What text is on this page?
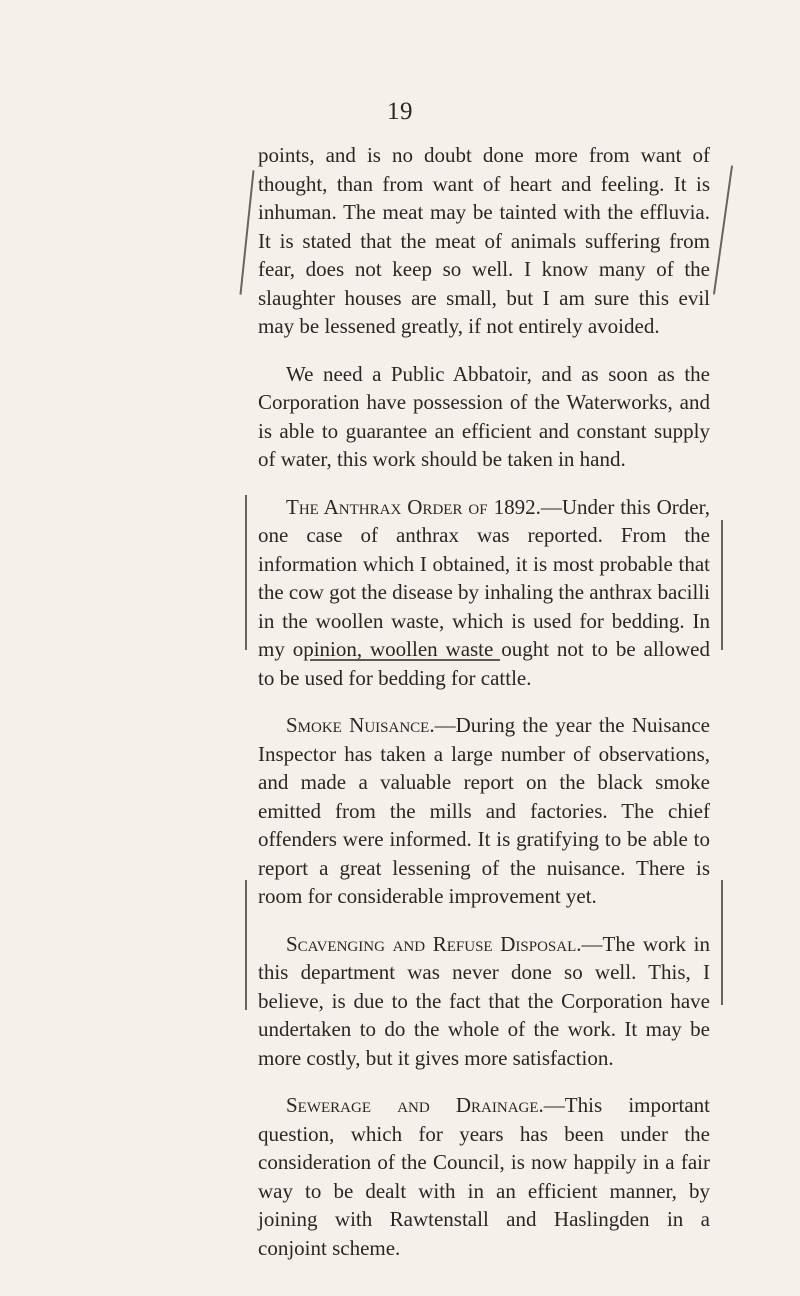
19

points, and is no doubt done more from want of thought, than from want of heart and feeling. It is inhuman. The meat may be tainted with the effluvia. It is stated that the meat of animals suffering from fear, does not keep so well. I know many of the slaughter houses are small, but I am sure this evil may be lessened greatly, if not entirely avoided.

We need a Public Abbatoir, and as soon as the Corporation have possession of the Waterworks, and is able to guarantee an efficient and constant supply of water, this work should be taken in hand.

The Anthrax Order of 1892.—Under this Order, one case of anthrax was reported. From the information which I obtained, it is most probable that the cow got the disease by inhaling the anthrax bacilli in the woollen waste, which is used for bedding. In my opinion, woollen waste ought not to be allowed to be used for bedding for cattle.

Smoke Nuisance.—During the year the Nuisance Inspector has taken a large number of observations, and made a valuable report on the black smoke emitted from the mills and factories. The chief offenders were informed. It is gratifying to be able to report a great lessening of the nuisance. There is room for considerable improvement yet.

Scavenging and Refuse Disposal.—The work in this department was never done so well. This, I believe, is due to the fact that the Corporation have undertaken to do the whole of the work. It may be more costly, but it gives more satisfaction.

Sewerage and Drainage.—This important question, which for years has been under the consideration of the Council, is now happily in a fair way to be dealt with in an efficient manner, by joining with Rawtenstall and Haslingden in a conjoint scheme.
